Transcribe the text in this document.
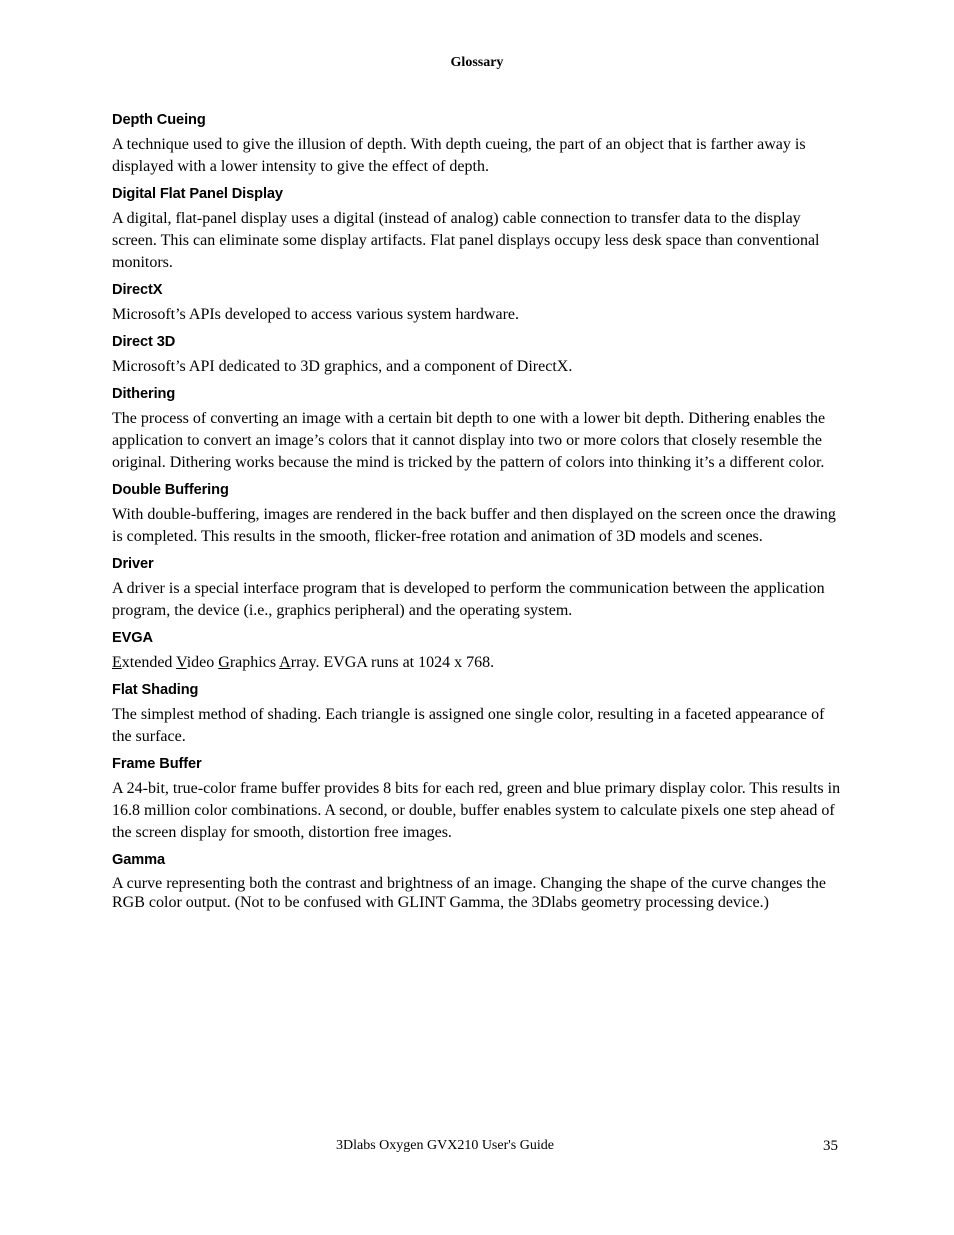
Glossary
Depth Cueing
A technique used to give the illusion of depth. With depth cueing, the part of an object that is farther away is displayed with a lower intensity to give the effect of depth.
Digital Flat Panel Display
A digital, flat-panel display uses a digital (instead of analog) cable connection to transfer data to the display screen. This can eliminate some display artifacts. Flat panel displays occupy less desk space than conventional monitors.
DirectX
Microsoft’s APIs developed to access various system hardware.
Direct 3D
Microsoft’s API dedicated to 3D graphics, and a component of DirectX.
Dithering
The process of converting an image with a certain bit depth to one with a lower bit depth. Dithering enables the application to convert an image’s colors that it cannot display into two or more colors that closely resemble the original. Dithering works because the mind is tricked by the pattern of colors into thinking it’s a different color.
Double Buffering
With double-buffering, images are rendered in the back buffer and then displayed on the screen once the drawing is completed. This results in the smooth, flicker-free rotation and animation of 3D models and scenes.
Driver
A driver is a special interface program that is developed to perform the communication between the application program, the device (i.e., graphics peripheral) and the operating system.
EVGA
Extended Video Graphics Array. EVGA runs at 1024 x 768.
Flat Shading
The simplest method of shading. Each triangle is assigned one single color, resulting in a faceted appearance of the surface.
Frame Buffer
A 24-bit, true-color frame buffer provides 8 bits for each red, green and blue primary display color. This results in 16.8 million color combinations. A second, or double, buffer enables system to calculate pixels one step ahead of the screen display for smooth, distortion free images.
Gamma
A curve representing both the contrast and brightness of an image. Changing the shape of the curve changes the RGB color output. (Not to be confused with GLINT Gamma, the 3Dlabs geometry processing device.)
3Dlabs Oxygen GVX210 User's Guide	35
